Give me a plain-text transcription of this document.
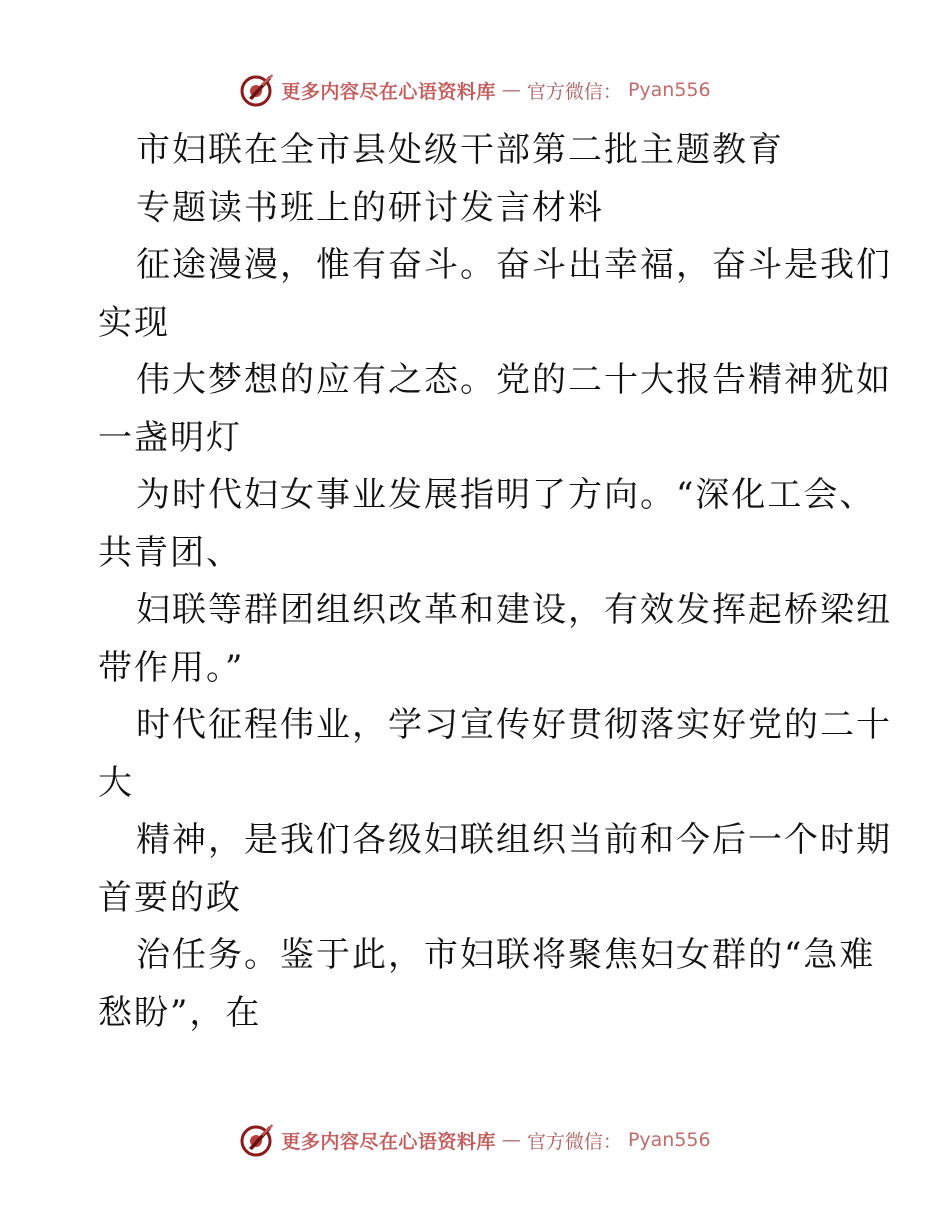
更多内容尽在心语资料库 — 官方微信： Pyan556
市妇联在全市县处级干部第二批主题教育
专题读书班上的研讨发言材料
征途漫漫，惟有奋斗。奋斗出幸福，奋斗是我们
实现
伟大梦想的应有之态。党的二十大报告精神犹如
一盏明灯
为时代妇女事业发展指明了方向。“深化工会、
共青团、
妇联等群团组织改革和建设，有效发挥起桥梁纽
带作用。”
时代征程伟业，学习宣传好贯彻落实好党的二十
大
精神，是我们各级妇联组织当前和今后一个时期
首要的政
治任务。鉴于此，市妇联将聚焦妇女群的“急难
愁盼”，在
更多内容尽在心语资料库 — 官方微信： Pyan556
